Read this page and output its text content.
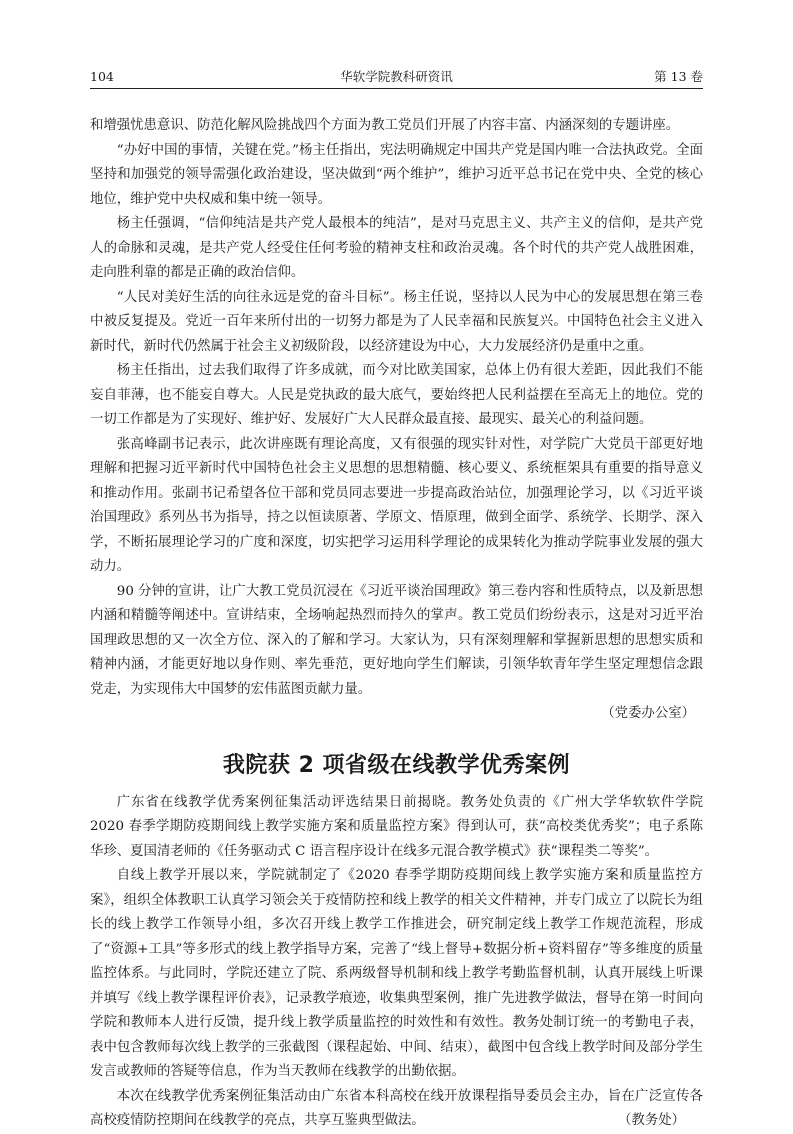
104	华软学院教科研资讯	第 13 卷

和增强忧患意识、防范化解风险挑战四个方面为教工党员们开展了内容丰富、内涵深刻的专题讲座。

“办好中国的事情，关键在党。”杨主任指出，宪法明确规定中国共产党是国内唯一合法执政党。全面坚持和加强党的领导需强化政治建设，坚决做到“两个维护”，维护习近平总书记在党中央、全党的核心地位，维护党中央权威和集中统一领导。

杨主任强调，“信仰纯洁是共产党人最根本的纯洁”，是对马克思主义、共产主义的信仰，是共产党人的命脉和灵魂，是共产党人经受住任何考验的精神支柱和政治灵魂。各个时代的共产党人战胜困难，走向胜利靠的都是正确的政治信仰。

“人民对美好生活的向往永远是党的奋斗目标”。杨主任说，坚持以人民为中心的发展思想在第三卷中被反复提及。党近一百年来所付出的一切努力都是为了人民幸福和民族复兴。中国特色社会主义进入新时代，新时代仍然属于社会主义初级阶段，以经济建设为中心，大力发展经济仍是重中之重。

杨主任指出，过去我们取得了许多成就，而今对比欧美国家，总体上仍有很大差距，因此我们不能妄自菲薄，也不能妄自尊大。人民是党执政的最大底气，要始终把人民利益摆在至高无上的地位。党的一切工作都是为了实现好、维护好、发展好广大人民群众最直接、最现实、最关心的利益问题。

张高峰副书记表示，此次讲座既有理论高度，又有很强的现实针对性，对学院广大党员干部更好地理解和把握习近平新时代中国特色社会主义思想的思想精髓、核心要义、系统框架具有重要的指导意义和推动作用。张副书记希望各位干部和党员同志要进一步提高政治站位，加强理论学习，以《习近平谈治国理政》系列丛书为指导，持之以恒读原著、学原文、悟原理，做到全面学、系统学、长期学、深入学，不断拓展理论学习的广度和深度，切实把学习运用科学理论的成果转化为推动学院事业发展的强大动力。

90 分钟的宣讲，让广大教工党员沉浸在《习近平谈治国理政》第三卷内容和性质特点，以及新思想内涵和精髓等阐述中。宣讲结束，全场响起热烈而持久的掌声。教工党员们纷纷表示，这是对习近平治国理政思想的又一次全方位、深入的了解和学习。大家认为，只有深刻理解和掌握新思想的思想实质和精神内涵，才能更好地以身作则、率先垂范，更好地向学生们解读，引领华软青年学生坚定理想信念跟党走，为实现伟大中国梦的宏伟蓝图贡献力量。

（党委办公室）

我院获 2 项省级在线教学优秀案例

广东省在线教学优秀案例征集活动评选结果日前揭晓。教务处负责的《广州大学华软软件学院 2020 春季学期防疫期间线上教学实施方案和质量监控方案》得到认可，获“高校类优秀奖”；电子系陈华珍、夏国清老师的《任务驱动式 C 语言程序设计在线多元混合教学模式》获“课程类二等奖”。

自线上教学开展以来，学院就制定了《2020 春季学期防疫期间线上教学实施方案和质量监控方案》，组织全体教职工认真学习领会关于疫情防控和线上教学的相关文件精神，并专门成立了以院长为组长的线上教学工作领导小组，多次召开线上教学工作推进会，研究制定线上教学工作规范流程，形成了“资源+工具”等多形式的线上教学指导方案，完善了“线上督导+数据分析+资料留存”等多维度的质量监控体系。与此同时，学院还建立了院、系两级督导机制和线上教学考勤监督机制，认真开展线上听课并填写《线上教学课程评价表》，记录教学痕迹，收集典型案例，推广先进教学做法，督导在第一时间向学院和教师本人进行反馈，提升线上教学质量监控的时效性和有效性。教务处制订统一的考勤电子表，表中包含教师每次线上教学的三张截图（课程起始、中间、结束），截图中包含线上教学时间及部分学生发言或教师的答疑等信息，作为当天教师在线教学的出勤依据。

本次在线教学优秀案例征集活动由广东省本科高校在线开放课程指导委员会主办，旨在广泛宣传各高校疫情防控期间在线教学的亮点，共享互鉴典型做法。	（教务处）
